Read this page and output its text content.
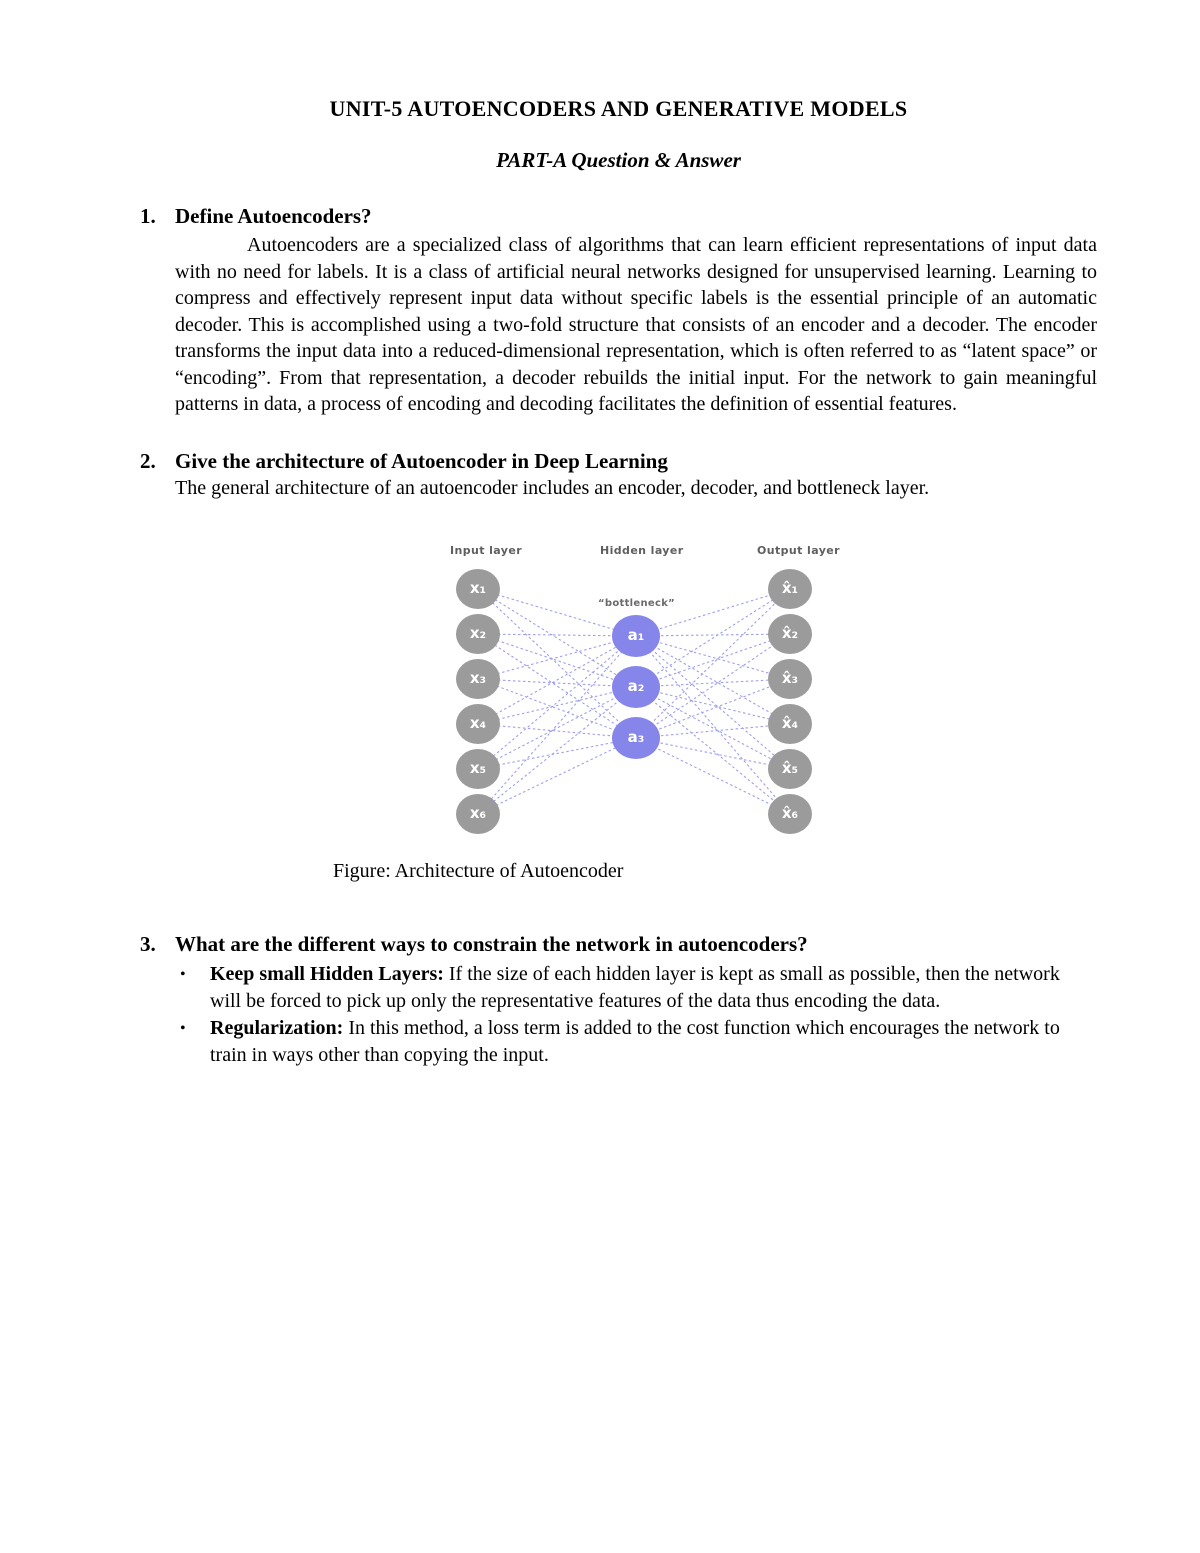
UNIT-5 AUTOENCODERS AND GENERATIVE MODELS
PART-A Question & Answer
1. Define Autoencoders?

Autoencoders are a specialized class of algorithms that can learn efficient representations of input data with no need for labels. It is a class of artificial neural networks designed for unsupervised learning. Learning to compress and effectively represent input data without specific labels is the essential principle of an automatic decoder. This is accomplished using a two-fold structure that consists of an encoder and a decoder. The encoder transforms the input data into a reduced-dimensional representation, which is often referred to as “latent space” or “encoding”. From that representation, a decoder rebuilds the initial input. For the network to gain meaningful patterns in data, a process of encoding and decoding facilitates the definition of essential features.

2. Give the architecture of Autoencoder in Deep Learning

The general architecture of an autoencoder includes an encoder, decoder, and bottleneck layer.

Input layer	Hidden layer	Output layer
“bottleneck”
x₁
x₂
x₃
x₄
x₅
x₆
a₁
a₂
a₃
x̂₁
x̂₂
x̂₃
x̂₄
x̂₅
x̂₆

Figure: Architecture of Autoencoder

3. What are the different ways to constrain the network in autoencoders?
•	Keep small Hidden Layers: If the size of each hidden layer is kept as small as possible, then the network will be forced to pick up only the representative features of the data thus encoding the data.
•	Regularization: In this method, a loss term is added to the cost function which encourages the network to train in ways other than copying the input.
